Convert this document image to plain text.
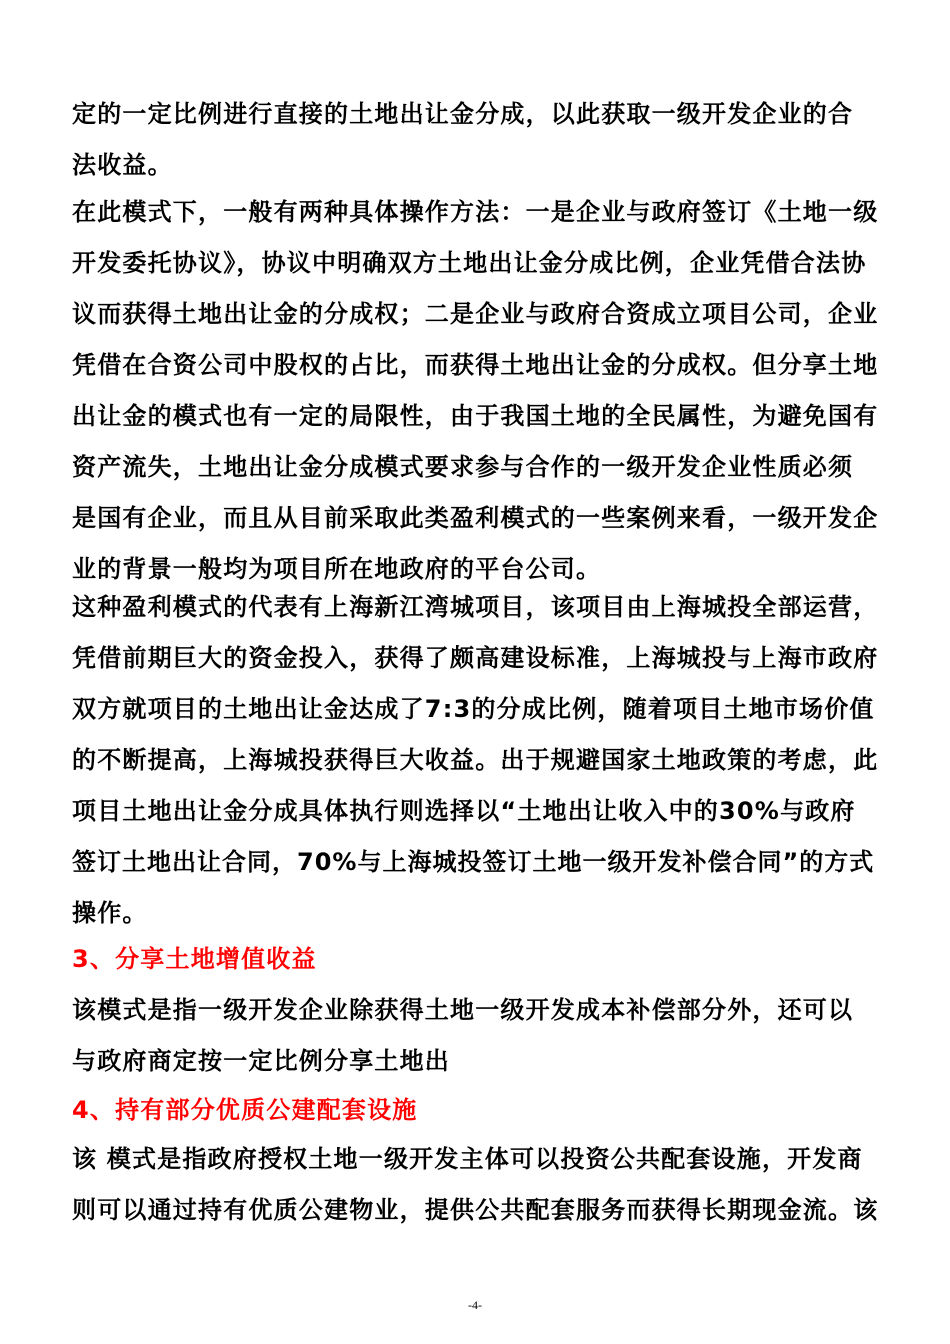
定的一定比例进行直接的土地出让金分成，以此获取一级开发企业的合
法收益。
在此模式下，一般有两种具体操作方法：一是企业与政府签订《土地一级
开发委托协议》，协议中明确双方土地出让金分成比例，企业凭借合法协
议而获得土地出让金的分成权；二是企业与政府合资成立项目公司，企业
凭借在合资公司中股权的占比，而获得土地出让金的分成权。但分享土地
出让金的模式也有一定的局限性，由于我国土地的全民属性，为避免国有
资产流失，土地出让金分成模式要求参与合作的一级开发企业性质必须
是国有企业，而且从目前采取此类盈利模式的一些案例来看，一级开发企
业的背景一般均为项目所在地政府的平台公司。
这种盈利模式的代表有上海新江湾城项目，该项目由上海城投全部运营，
凭借前期巨大的资金投入，获得了颇高建设标准，上海城投与上海市政府
双方就项目的土地出让金达成了7:3的分成比例，随着项目土地市场价值
的不断提高，上海城投获得巨大收益。出于规避国家土地政策的考虑，此
项目土地出让金分成具体执行则选择以“土地出让收入中的30%与政府
签订土地出让合同，70%与上海城投签订土地一级开发补偿合同”的方式
操作。
3、分享土地增值收益
该模式是指一级开发企业除获得土地一级开发成本补偿部分外，还可以
与政府商定按一定比例分享土地出
4、持有部分优质公建配套设施
该 模式是指政府授权土地一级开发主体可以投资公共配套设施，开发商
则可以通过持有优质公建物业，提供公共配套服务而获得长期现金流。该
-4-
